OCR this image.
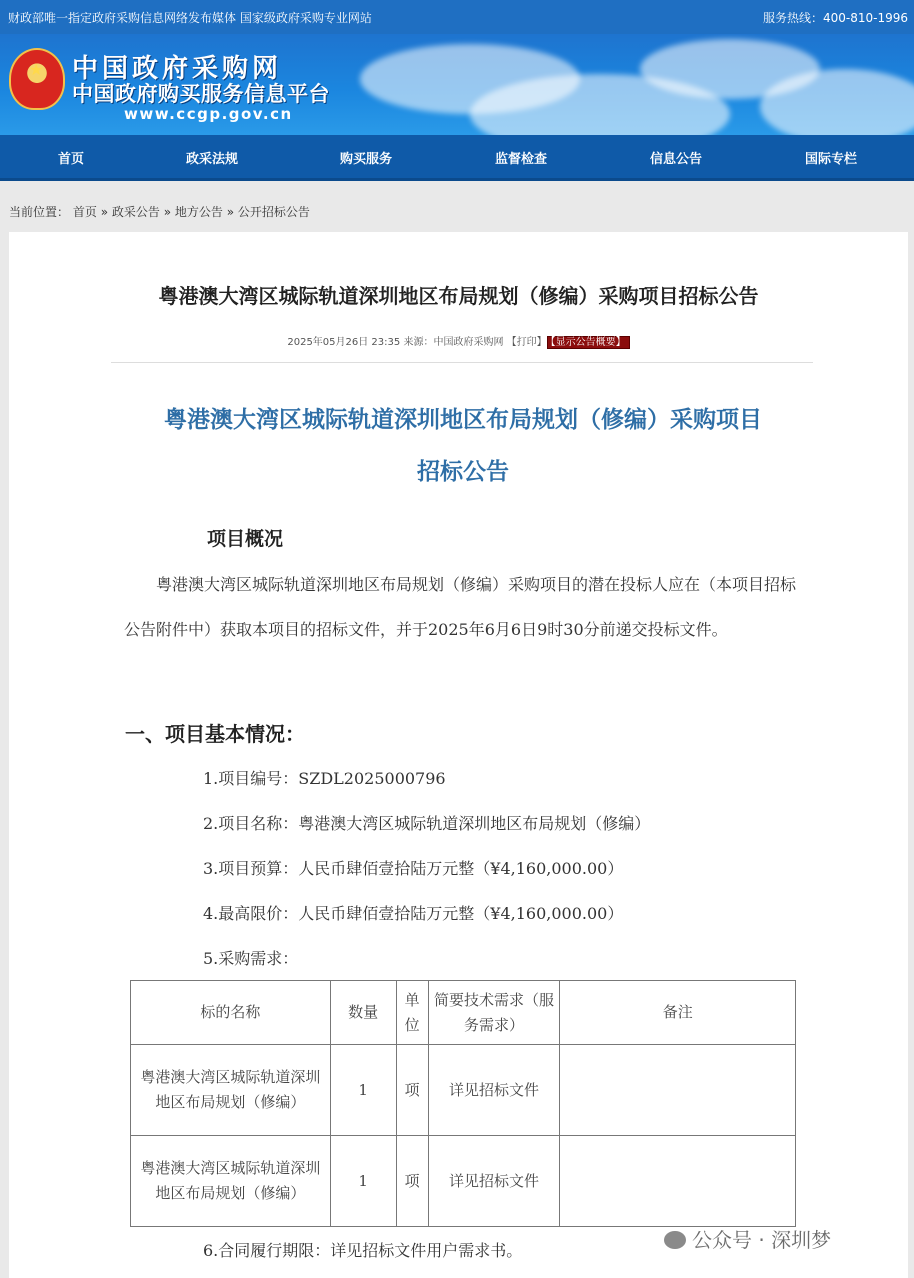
财政部唯一指定政府采购信息网络发布媒体 国家级政府采购专业网站	服务热线：400-810-1996
★ 中国政府采购网
中国政府购买服务信息平台
www.ccgp.gov.cn
首页	政采法规	购买服务	监督检查	信息公告	国际专栏
当前位置： 首页 » 政采公告 » 地方公告 » 公开招标公告
粤港澳大湾区城际轨道深圳地区布局规划（修编）采购项目招标公告
2025年05月26日 23:35 来源：中国政府采购网 【打印】 【显示公告概要】
粤港澳大湾区城际轨道深圳地区布局规划（修编）采购项目
招标公告
项目概况
粤港澳大湾区城际轨道深圳地区布局规划（修编）采购项目的潜在投标人应在（本项目招标公告附件中）获取本项目的招标文件，并于2025年6月6日9时30分前递交投标文件。
一、项目基本情况：
1.项目编号：SZDL2025000796
2.项目名称：粤港澳大湾区城际轨道深圳地区布局规划（修编）
3.项目预算：人民币肆佰壹拾陆万元整（¥4,160,000.00）
4.最高限价：人民币肆佰壹拾陆万元整（¥4,160,000.00）
5.采购需求：
标的名称	数量	单位	简要技术需求（服务需求）	备注
粤港澳大湾区城际轨道深圳地区布局规划（修编）	1	项	详见招标文件	
粤港澳大湾区城际轨道深圳地区布局规划（修编）	1	项	详见招标文件	
6.合同履行期限：详见招标文件用户需求书。	公众号 · 深圳梦
